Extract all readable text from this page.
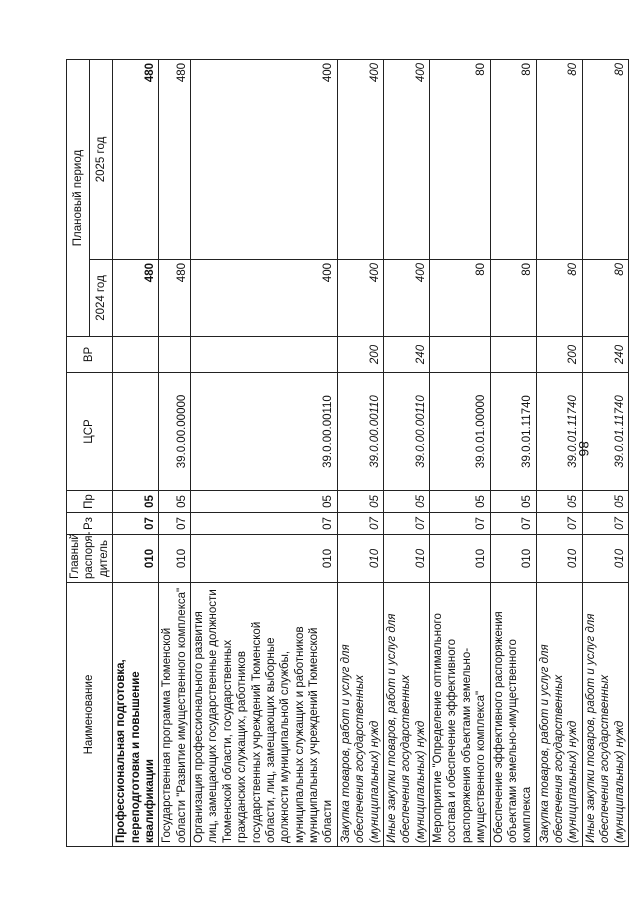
86
Наименование	Главный распоря-дитель	Рз	Пр	ЦСР	ВР	Плановый период	
						2024 год	2025 год
Профессиональная подготовка, переподготовка и повышение квалификации	010	07	05			480	480
Государственная программа Тюменской области "Развитие имущественного комплекса"	010	07	05	39.0.00.00000		480	480
Организация профессионального развития лиц, замещающих государственные должности Тюменской области, государственных гражданских служащих, работников государственных учреждений Тюменской области, лиц, замещающих выборные должности муниципальной службы, муниципальных служащих и работников муниципальных учреждений Тюменской области	010	07	05	39.0.00.00110		400	400
Закупка товаров, работ и услуг для обеспечения государственных (муниципальных) нужд	010	07	05	39.0.00.00110	200	400	400
Иные закупки товаров, работ и услуг для обеспечения государственных (муниципальных) нужд	010	07	05	39.0.00.00110	240	400	400
Мероприятие "Определение оптимального состава и обеспечение эффективного распоряжения объектами земельно-имущественного комплекса"	010	07	05	39.0.01.00000		80	80
Обеспечение эффективного распоряжения объектами земельно-имущественного комплекса	010	07	05	39.0.01.11740		80	80
Закупка товаров, работ и услуг для обеспечения государственных (муниципальных) нужд	010	07	05	39.0.01.11740	200	80	80
Иные закупки товаров, работ и услуг для обеспечения государственных (муниципальных) нужд	010	07	05	39.0.01.11740	240	80	80
